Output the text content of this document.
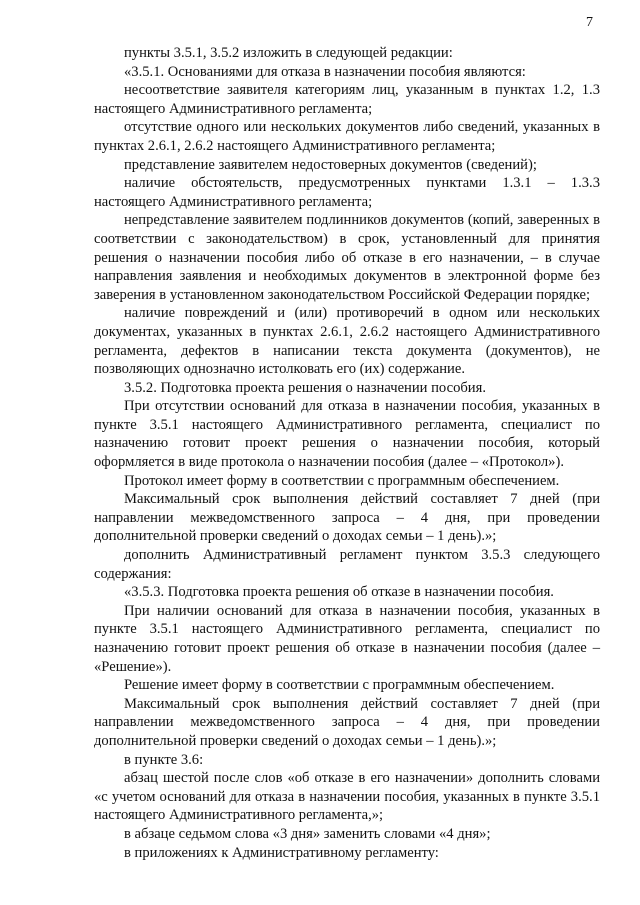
7

пункты 3.5.1, 3.5.2 изложить в следующей редакции:

«3.5.1. Основаниями для отказа в назначении пособия являются:

несоответствие заявителя категориям лиц, указанным в пунктах 1.2, 1.3 настоящего Административного регламента;

отсутствие одного или нескольких документов либо сведений, указанных в пунктах 2.6.1, 2.6.2 настоящего Административного регламента;

представление заявителем недостоверных документов (сведений);

наличие обстоятельств, предусмотренных пунктами 1.3.1 – 1.3.3 настоящего Административного регламента;

непредставление заявителем подлинников документов (копий, заверенных в соответствии с законодательством) в срок, установленный для принятия решения о назначении пособия либо об отказе в его назначении, – в случае направления заявления и необходимых документов в электронной форме без заверения в установленном законодательством Российской Федерации порядке;

наличие повреждений и (или) противоречий в одном или нескольких документах, указанных в пунктах 2.6.1, 2.6.2 настоящего Административного регламента, дефектов в написании текста документа (документов), не позволяющих однозначно истолковать его (их) содержание.

3.5.2. Подготовка проекта решения о назначении пособия.

При отсутствии оснований для отказа в назначении пособия, указанных в пункте 3.5.1 настоящего Административного регламента, специалист по назначению готовит проект решения о назначении пособия, который оформляется в виде протокола о назначении пособия (далее – «Протокол»).

Протокол имеет форму в соответствии с программным обеспечением.

Максимальный срок выполнения действий составляет 7 дней (при направлении межведомственного запроса – 4 дня, при проведении дополнительной проверки сведений о доходах семьи – 1 день).»;

дополнить Административный регламент пунктом 3.5.3 следующего содержания:

«3.5.3. Подготовка проекта решения об отказе в назначении пособия.

При наличии оснований для отказа в назначении пособия, указанных в пункте 3.5.1 настоящего Административного регламента, специалист по назначению готовит проект решения об отказе в назначении пособия (далее – «Решение»).

Решение имеет форму в соответствии с программным обеспечением.

Максимальный срок выполнения действий составляет 7 дней (при направлении межведомственного запроса – 4 дня, при проведении дополнительной проверки сведений о доходах семьи – 1 день).»;

в пункте 3.6:

абзац шестой после слов «об отказе в его назначении» дополнить словами «с учетом оснований для отказа в назначении пособия, указанных в пункте 3.5.1 настоящего Административного регламента,»;

в абзаце седьмом слова «3 дня» заменить словами «4 дня»;

в приложениях к Административному регламенту:
